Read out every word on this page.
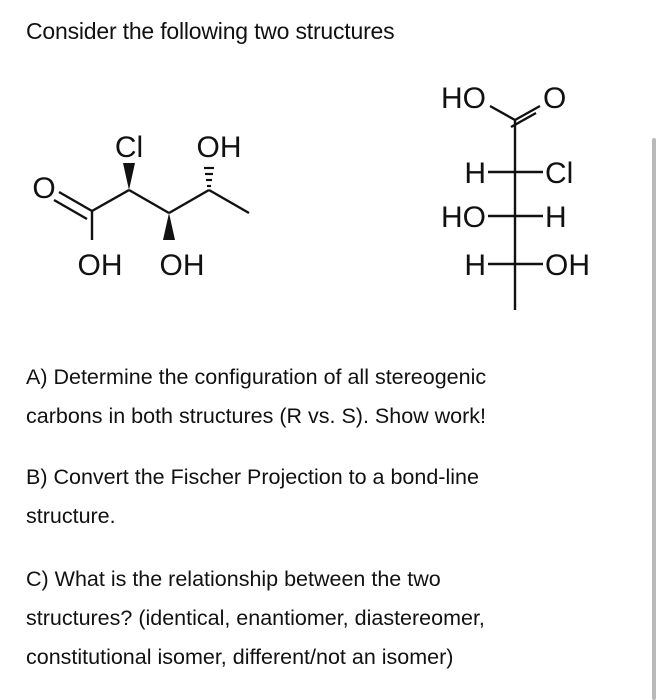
Consider the following two structures
O
Cl OH
OH OH
HO O
H Cl
HO H
H OH
A) Determine the configuration of all stereogenic
carbons in both structures (R vs. S). Show work!
B) Convert the Fischer Projection to a bond-line
structure.
C) What is the relationship between the two
structures? (identical, enantiomer, diastereomer,
constitutional isomer, different/not an isomer)
